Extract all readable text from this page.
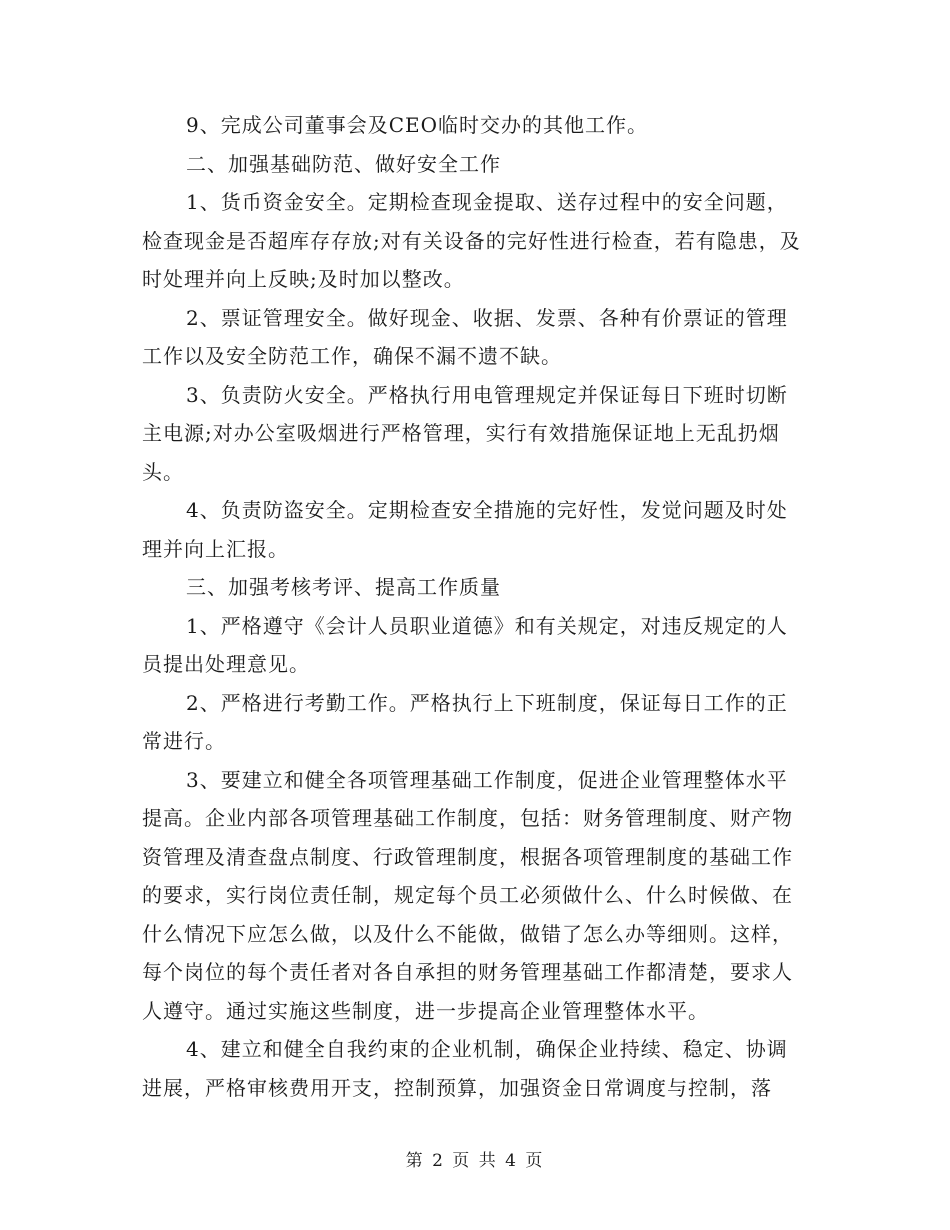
9、完成公司董事会及CEO临时交办的其他工作。

二、加强基础防范、做好安全工作

1、货币资金安全。定期检查现金提取、送存过程中的安全问题，检查现金是否超库存存放;对有关设备的完好性进行检查，若有隐患，及时处理并向上反映;及时加以整改。

2、票证管理安全。做好现金、收据、发票、各种有价票证的管理工作以及安全防范工作，确保不漏不遗不缺。

3、负责防火安全。严格执行用电管理规定并保证每日下班时切断主电源;对办公室吸烟进行严格管理，实行有效措施保证地上无乱扔烟头。

4、负责防盗安全。定期检查安全措施的完好性，发觉问题及时处理并向上汇报。

三、加强考核考评、提高工作质量

1、严格遵守《会计人员职业道德》和有关规定，对违反规定的人员提出处理意见。

2、严格进行考勤工作。严格执行上下班制度，保证每日工作的正常进行。

3、要建立和健全各项管理基础工作制度，促进企业管理整体水平提高。企业内部各项管理基础工作制度，包括：财务管理制度、财产物资管理及清查盘点制度、行政管理制度，根据各项管理制度的基础工作的要求，实行岗位责任制，规定每个员工必须做什么、什么时候做、在什么情况下应怎么做，以及什么不能做，做错了怎么办等细则。这样，每个岗位的每个责任者对各自承担的财务管理基础工作都清楚，要求人人遵守。通过实施这些制度，进一步提高企业管理整体水平。

4、建立和健全自我约束的企业机制，确保企业持续、稳定、协调进展，严格审核费用开支，控制预算，加强资金日常调度与控制，落

第 2 页 共 4 页
